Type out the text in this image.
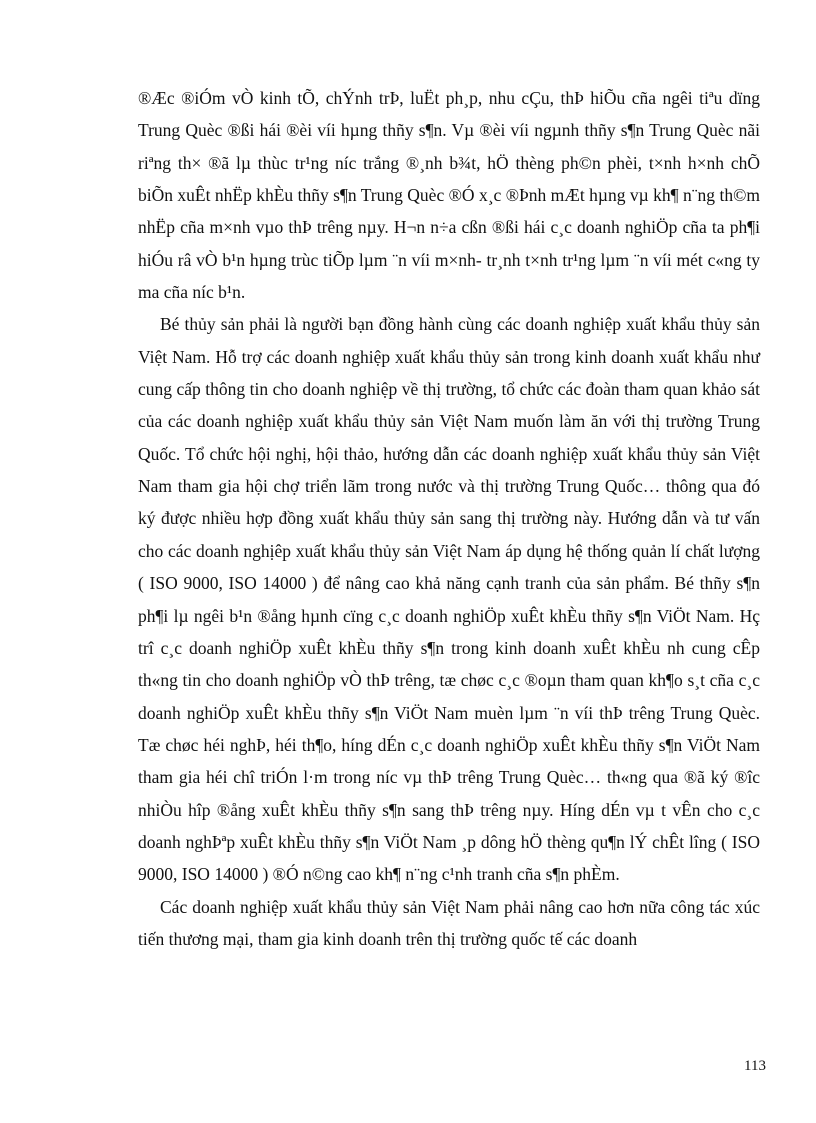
®Æc ®iÓm vÒ kinh tÕ, chÝnh trÞ, luËt ph¸p, nhu cÇu, thÞ hiÕu cña ngêi tiªu dïng Trung Quèc ®ßi hái ®èi víi hµng thñy s¶n. Vµ ®èi víi ngµnh thñy s¶n Trung Quèc nãi riªng th× ®ã lµ thùc tr¹ng níc trắng ®¸nh b¾t, hÖ thèng ph©n phèi, t×nh h×nh chÕ biÕn xuÊt nhËp khÈu thñy s¶n Trung Quèc ®Ó x¸c ®Þnh mÆt hµng vµ kh¶ n¨ng th©m nhËp cña m×nh vµo thÞ trêng nµy. H¬n n÷a cßn ®ßi hái c¸c doanh nghiÖp cña ta ph¶i hiÓu râ vÒ b¹n hµng trùc tiÕp lµm ¨n víi m×nh- tr¸nh t×nh tr¹ng lµm ¨n víi mét c«ng ty ma cña níc b¹n.

Bé thủy sản phải là người bạn đồng hành cùng các doanh nghiệp xuất khẩu thủy sản Việt Nam. Hỗ trợ các doanh nghiệp xuất khẩu thủy sản trong kinh doanh xuất khẩu như cung cấp thông tin cho doanh nghiệp về thị trường, tổ chức các đoàn tham quan khảo sát của các doanh nghiệp xuất khẩu thủy sản Việt Nam muốn làm ăn với thị trường Trung Quốc. Tổ chức hội nghị, hội thảo, hướng dẫn các doanh nghiệp xuất khẩu thủy sản Việt Nam tham gia hội chợ triển lãm trong nước và thị trường Trung Quốc… thông qua đó ký được nhiều hợp đồng xuất khẩu thủy sản sang thị trường này. Hướng dẫn và tư vấn cho các doanh nghịêp xuất khẩu thủy sản Việt Nam áp dụng hệ thống quản lí chất lượng ( ISO 9000, ISO 14000 ) để nâng cao khả năng cạnh tranh của sản phẩm. Bé thñy s¶n ph¶i lµ ngêi b¹n ®ång hµnh cïng c¸c doanh nghiÖp xuÊt khÈu thñy s¶n ViÖt Nam. Hç trî c¸c doanh nghiÖp xuÊt khÈu thñy s¶n trong kinh doanh xuÊt khÈu nh cung cÊp th«ng tin cho doanh nghiÖp vÒ thÞ trêng, tæ chøc c¸c ®oµn tham quan kh¶o s¸t cña c¸c doanh nghiÖp xuÊt khÈu thñy s¶n ViÖt Nam muèn lµm ¨n víi thÞ trêng Trung Quèc. Tæ chøc héi nghÞ, héi th¶o, híng dÉn c¸c doanh nghiÖp xuÊt khÈu thñy s¶n ViÖt Nam tham gia héi chî triÓn l·m trong níc vµ thÞ trêng Trung Quèc… th«ng qua ®ã ký ®îc nhiÒu hîp ®ång xuÊt khÈu thñy s¶n sang thÞ trêng nµy. Híng dÉn vµ t vÊn cho c¸c doanh nghÞªp xuÊt khÈu thñy s¶n ViÖt Nam ¸p dông hÖ thèng qu¶n lÝ chÊt lîng ( ISO 9000, ISO 14000 ) ®Ó n©ng cao kh¶ n¨ng c¹nh tranh cña s¶n phÈm.

Các doanh nghiệp xuất khẩu thủy sản Việt Nam phải nâng cao hơn nữa công tác xúc tiến thương mại, tham gia kinh doanh trên thị trường quốc tế các doanh

113
